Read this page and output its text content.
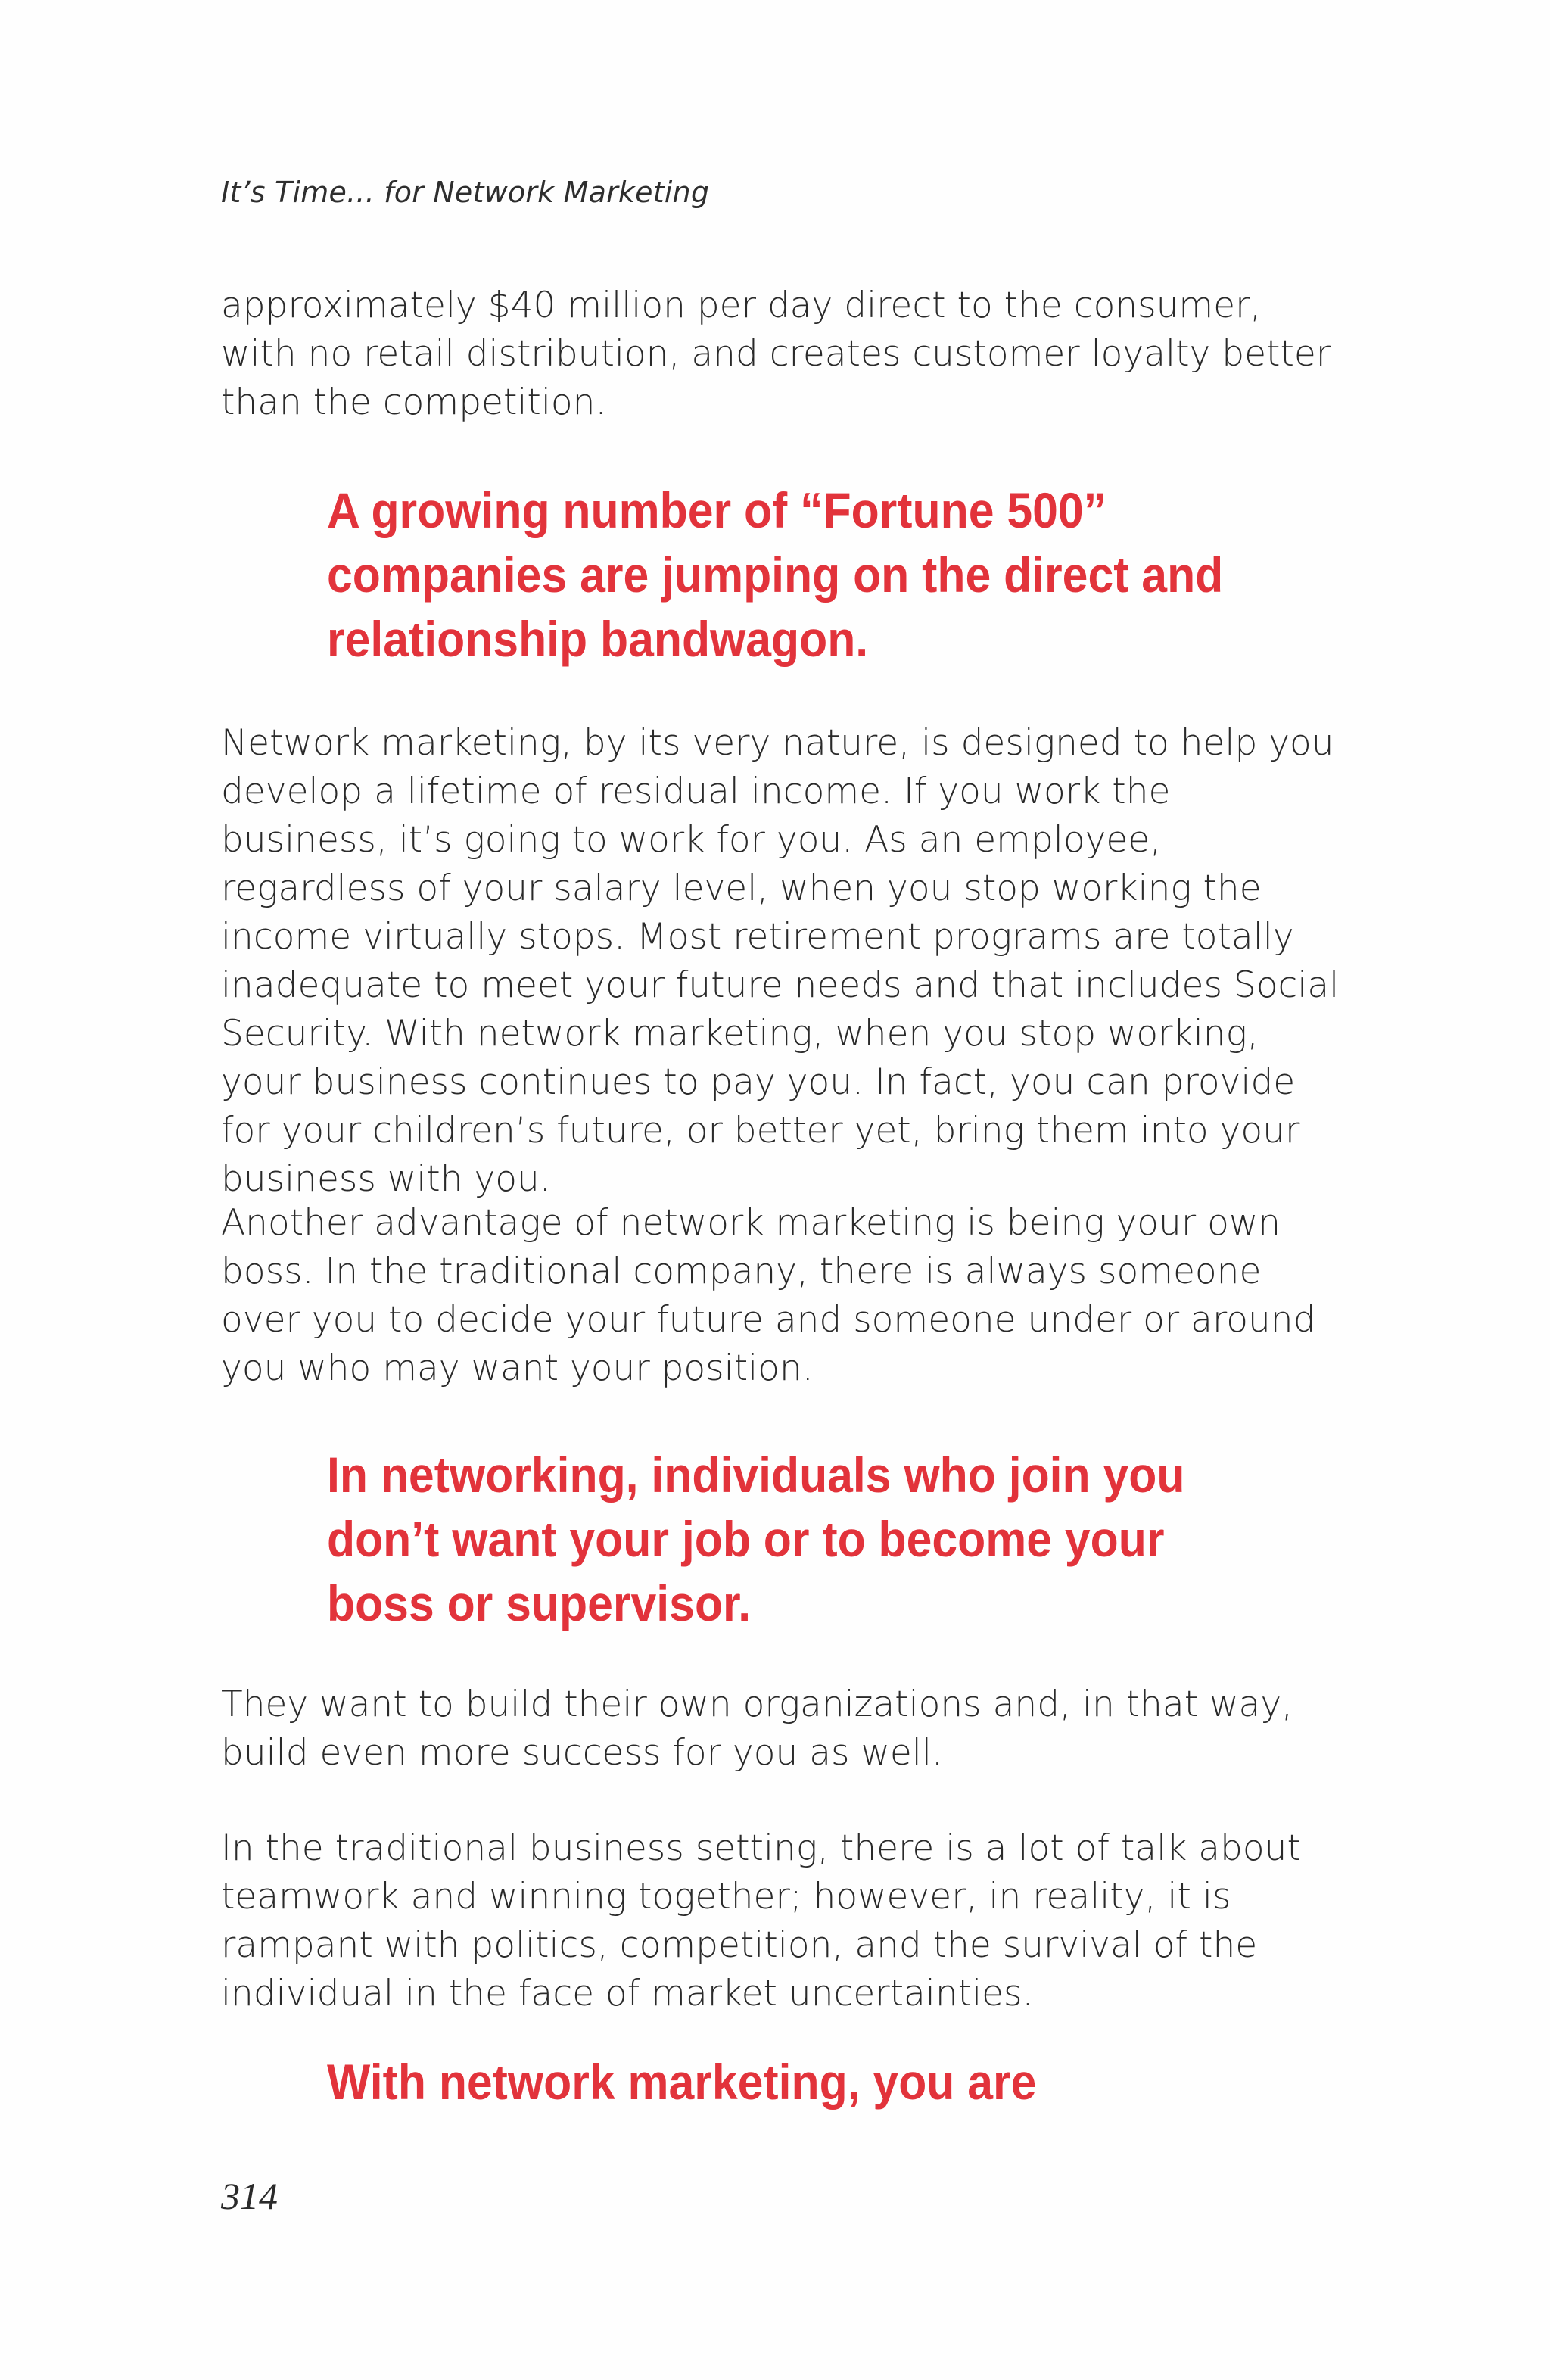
It’s Time... for Network Marketing

approximately $40 million per day direct to the consumer, with no retail distribution, and creates customer loyalty better than the competition.

A growing number of “Fortune 500” companies are jumping on the direct and relationship bandwagon.

Network marketing, by its very nature, is designed to help you develop a lifetime of residual income. If you work the business, it’s going to work for you. As an employee, regardless of your salary level, when you stop working the income virtually stops. Most retirement programs are totally inadequate to meet your future needs and that includes Social Security. With network marketing, when you stop working, your business continues to pay you. In fact, you can provide for your children’s future, or better yet, bring them into your business with you.

Another advantage of network marketing is being your own boss. In the traditional company, there is always someone over you to decide your future and someone under or around you who may want your position.

In networking, individuals who join you don’t want your job or to become your boss or supervisor.

They want to build their own organizations and, in that way, build even more success for you as well.

In the traditional business setting, there is a lot of talk about teamwork and winning together; however, in reality, it is rampant with politics, competition, and the survival of the individual in the face of market uncertainties.

With network marketing, you are

314
